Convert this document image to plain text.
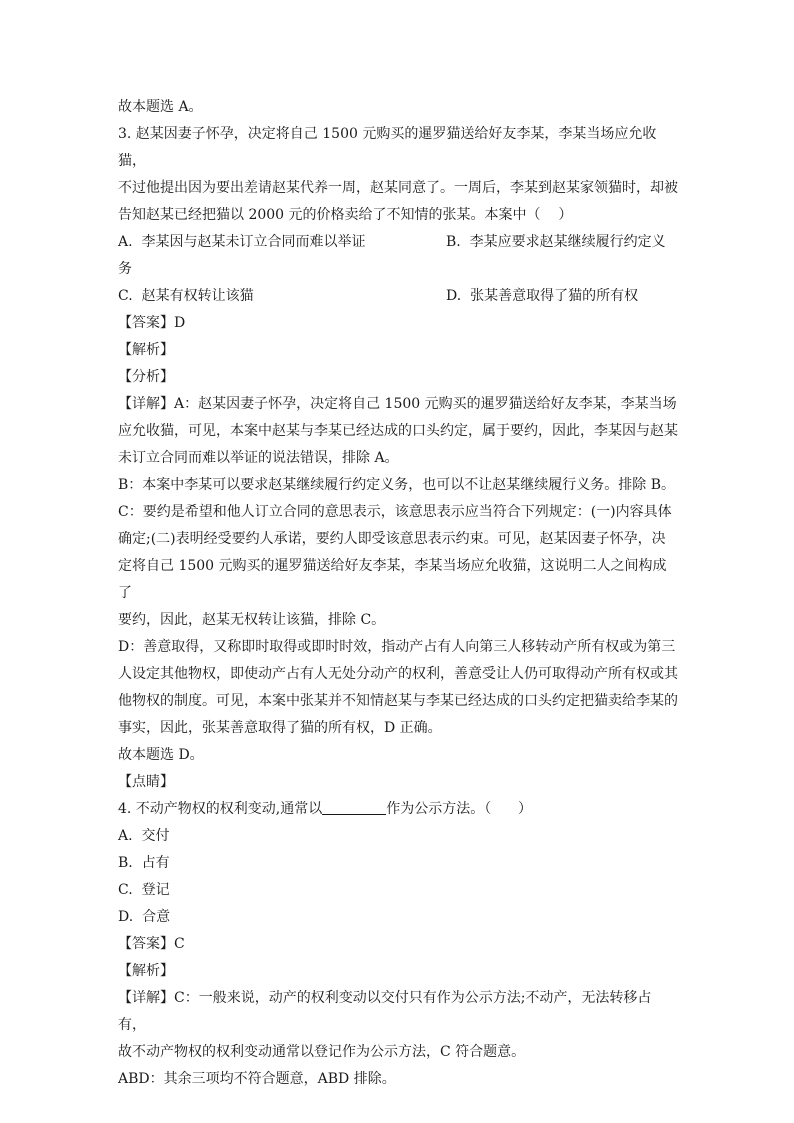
故本题选 A。

3. 赵某因妻子怀孕，决定将自己 1500 元购买的暹罗猫送给好友李某，李某当场应允收猫，

不过他提出因为要出差请赵某代养一周，赵某同意了。一周后，李某到赵某家领猫时，却被

告知赵某已经把猫以 2000 元的价格卖给了不知情的张某。本案中（    ）

A.  李某因与赵某未订立合同而难以举证	B.  李某应要求赵某继续履行约定义

务

C.  赵某有权转让该猫	D.  张某善意取得了猫的所有权

【答案】D

【解析】

【分析】

【详解】A：赵某因妻子怀孕，决定将自己 1500 元购买的暹罗猫送给好友李某，李某当场

应允收猫，可见，本案中赵某与李某已经达成的口头约定，属于要约，因此，李某因与赵某

未订立合同而难以举证的说法错误，排除 A。

B：本案中李某可以要求赵某继续履行约定义务，也可以不让赵某继续履行义务。排除 B。

C：要约是希望和他人订立合同的意思表示，该意思表示应当符合下列规定：(一)内容具体

确定;(二)表明经受要约人承诺，要约人即受该意思表示约束。可见，赵某因妻子怀孕，决

定将自己 1500 元购买的暹罗猫送给好友李某，李某当场应允收猫，这说明二人之间构成了

要约，因此，赵某无权转让该猫，排除 C。

D：善意取得，又称即时取得或即时时效，指动产占有人向第三人移转动产所有权或为第三

人设定其他物权，即使动产占有人无处分动产的权利，善意受让人仍可取得动产所有权或其

他物权的制度。可见，本案中张某并不知情赵某与李某已经达成的口头约定把猫卖给李某的

事实，因此，张某善意取得了猫的所有权，D 正确。

故本题选 D。

【点睛】

4. 不动产物权的权利变动,通常以	作为公示方法。（      ）

A.  交付

B.  占有

C.  登记

D.  合意

【答案】C

【解析】

【详解】C：一般来说，动产的权利变动以交付只有作为公示方法;不动产，无法转移占有，

故不动产物权的权利变动通常以登记作为公示方法，C 符合题意。

ABD：其余三项均不符合题意，ABD 排除。
